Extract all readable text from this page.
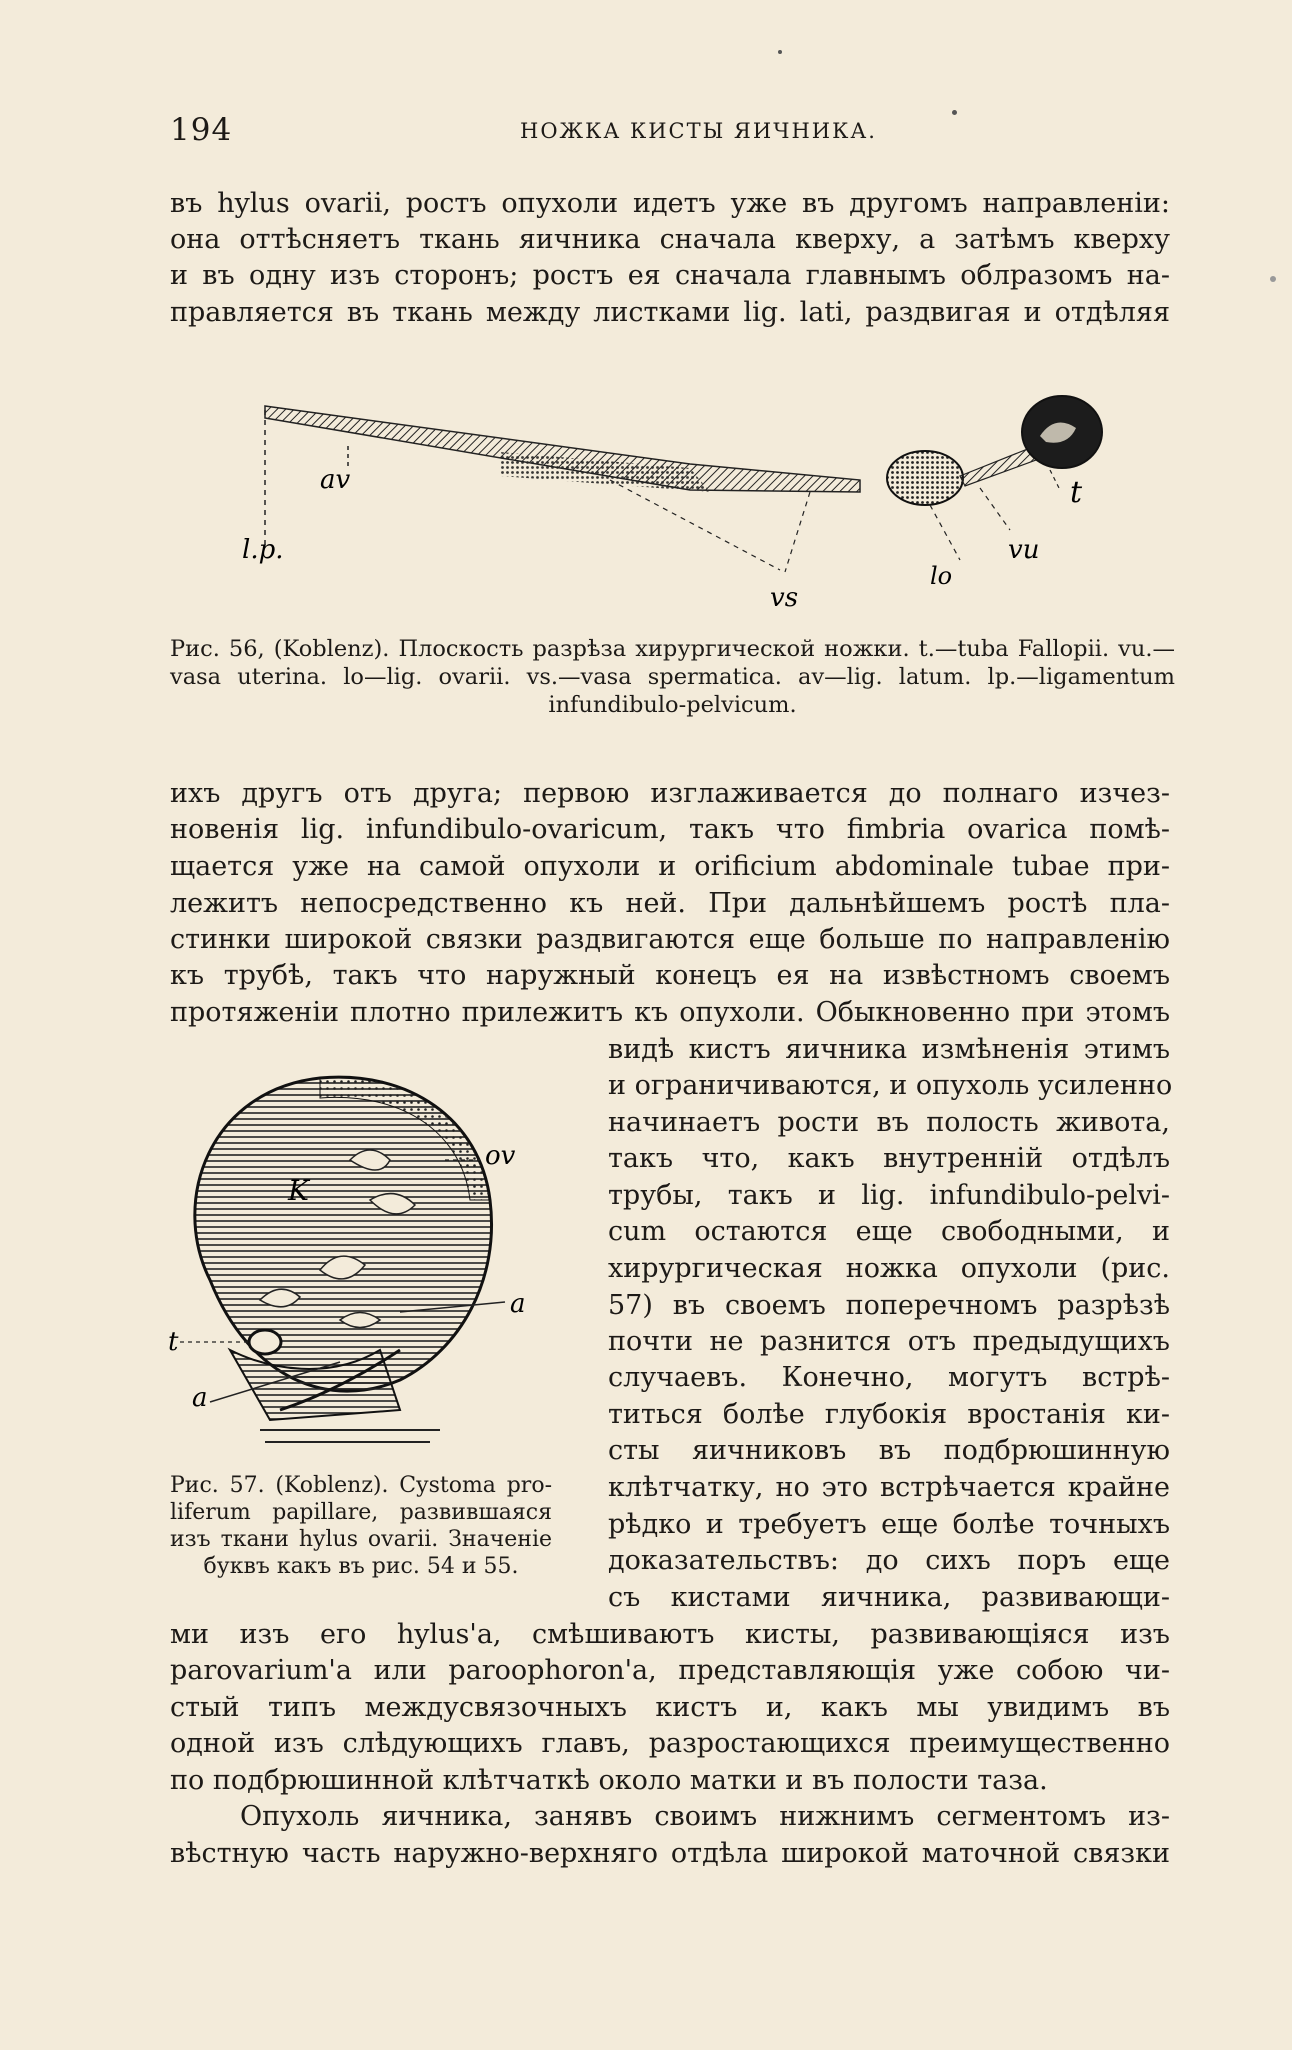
194	НОЖКА КИСТЫ ЯИЧНИКА.
въ hylus ovarii, ростъ опухоли идетъ уже въ другомъ направленіи:
она оттѣсняетъ ткань яичника сначала кверху, а затѣмъ кверху
и въ одну изъ сторонъ; ростъ ея сначала главнымъ облразомъ на-
правляется въ ткань между листками lig. lati, раздвигая и отдѣляя
av	t
l.p.	vu
lo
vs
Рис. 56, (Koblenz). Плоскость разрѣза хирургической ножки. t.—tuba Fallopii. vu.—
vasa uterina. lo—lig. ovarii. vs.—vasa spermatica. av—lig. latum. lp.—ligamentum
infundibulo-pelvicum.
ихъ другъ отъ друга; первою изглаживается до полнаго изчез-
новенія lig. infundibulo-ovaricum, такъ что fimbria ovarica помѣ-
щается уже на самой опухоли и orificium abdominale tubae при-
лежитъ непосредственно къ ней. При дальнѣйшемъ ростѣ пла-
стинки широкой связки раздвигаются еще больше по направленію
къ трубѣ, такъ что наружный конецъ ея на извѣстномъ своемъ
протяженіи плотно прилежитъ къ опухоли. Обыкновенно при этомъ
видѣ кистъ яичника измѣненія этимъ
и ограничиваются, и опухоль усиленно
начинаетъ рости въ полость живота,
такъ что, какъ внутренній отдѣлъ
трубы, такъ и lig. infundibulo-pelvi-
cum остаются еще свободными, и
хирургическая ножка опухоли (рис.
57) въ своемъ поперечномъ разрѣзѣ
почти не разнится отъ предыдущихъ
случаевъ. Конечно, могутъ встрѣ-
титься болѣе глубокія вростанія ки-
сты яичниковъ въ подбрюшинную
клѣтчатку, но это встрѣчается крайне
рѣдко и требуетъ еще болѣе точныхъ
доказательствъ: до сихъ поръ еще
съ кистами яичника, развивающи-
ov
K
a
t
a
Рис. 57. (Koblenz). Cystoma pro-
liferum papillare, развившаяся
изъ ткани hylus ovarii. Значеніе
буквъ какъ въ рис. 54 и 55.
ми изъ его hylus'а, смѣшиваютъ кисты, развивающіяся изъ
parovarium'а или paroophoron'а, представляющія уже собою чи-
стый типъ междусвязочныхъ кистъ и, какъ мы увидимъ въ
одной изъ слѣдующихъ главъ, разростающихся преимущественно
по подбрюшинной клѣтчаткѣ около матки и въ полости таза.
Опухоль яичника, занявъ своимъ нижнимъ сегментомъ из-
вѣстную часть наружно-верхняго отдѣла широкой маточной связки
